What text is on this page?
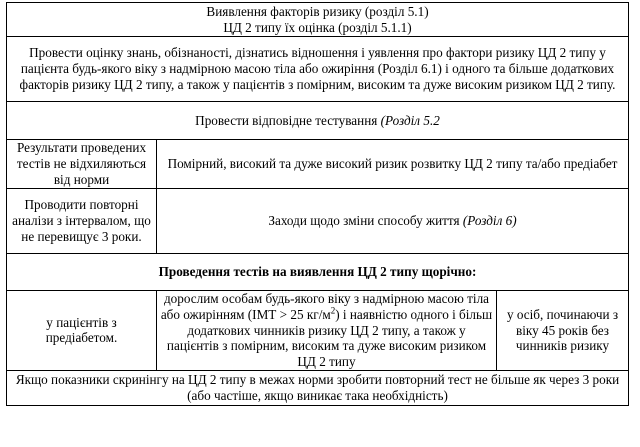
Виявлення факторів ризику (розділ 5.1)
ЦД 2 типу їх оцінка (розділ 5.1.1)		

Провести оцінку знань, обізнаності, дізнатись відношення і уявлення про фактори ризику ЦД 2 типу у пацієнта будь-якого віку з надмірною масою тіла або ожиріння (Розділ 6.1) і одного та більше додаткових факторів ризику ЦД 2 типу, а також у пацієнтів з помірним, високим та дуже високим ризиком ЦД 2 типу.		
Провести відповідне тестування (Розділ 5.2		
Результати проведених тестів не відхиляються від норми	Помірний, високий та дуже високий ризик розвитку ЦД 2 типу та/або предіабет	
Проводити повторні аналізи з інтервалом, що не перевищує 3 роки.	Заходи щодо зміни способу життя (Розділ 6)	
Проведення тестів на виявлення ЦД 2 типу щорічно:		
у пацієнтів з предіабетом.	дорослим особам будь-якого віку з надмірною масою тіла або ожирінням (ІМТ > 25 $кг/м^2$) і наявністю одного і більш додаткових чинників ризику ЦД 2 типу, а також у пацієнтів з помірним, високим та дуже високим ризиком ЦД 2 типу	у осіб, починаючи з віку 45 років без чинників ризику
Якщо показники скринінгу на ЦД 2 типу в межах норми зробити повторний тест не більше як через 3 роки (або частіше, якщо виникає така необхідність)		
